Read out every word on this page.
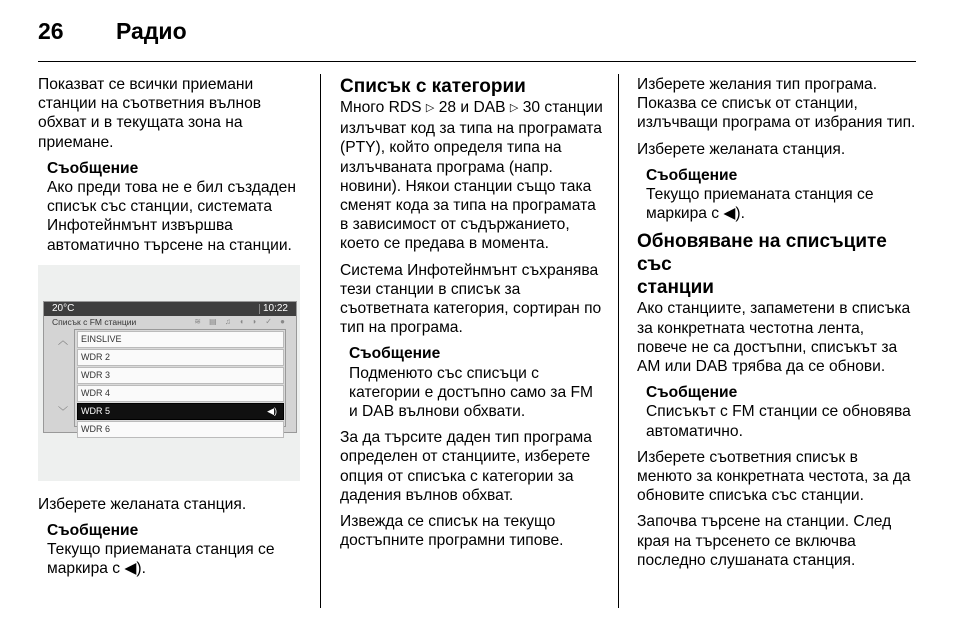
26 Радио

Показват се всички приемани станции на съответния вълнов обхват и в текущата зона на приемане.

Съобщение
Ако преди това не е бил създаден списък със станции, системата Инфотейнмънт извършва автоматично търсене на станции.
20°C	10:22
Списък с FM станции	≋ ▤ ♫ ◖ ◗ ✓ ●
︿
﹀
EINSLIVE
WDR 2
WDR 3
WDR 4
WDR 5	◀)
WDR 6

Изберете желаната станция.

Съобщение
Текущо приеманата станция се маркира с ◀).
Списък с категории

Много RDS ▷ 28 и DAB ▷ 30 станции излъчват код за типа на програмата (PTY), който определя типа на излъчваната програма (напр. новини). Някои станции също така сменят кода за типа на програмата в зависимост от съдържанието, което се предава в момента.

Система Инфотейнмънт съхранява тези станции в списък за съответната категория, сортиран по тип на програма.

Съобщение
Подменюто със списъци с категории е достъпно само за FM и DAB вълнови обхвати.

За да търсите даден тип програма определен от станциите, изберете опция от списъка с категории за дадения вълнов обхват.

Извежда се списък на текущо достъпните програмни типове.

Изберете желания тип програма. Показва се списък от станции, излъчващи програма от избрания тип.

Изберете желаната станция.

Съобщение
Текущо приеманата станция се маркира с ◀).
Обновяване на списъците със
станции

Ако станциите, запаметени в списъка за конкретната честотна лента, повече не са достъпни, списъкът за AM или DAB трябва да се обнови.

Съобщение
Списъкът с FM станции се обновява автоматично.

Изберете съответния списък в менюто за конкретната честота, за да обновите списъка със станции.

Започва търсене на станции. След края на търсенето се включва последно слушаната станция.
